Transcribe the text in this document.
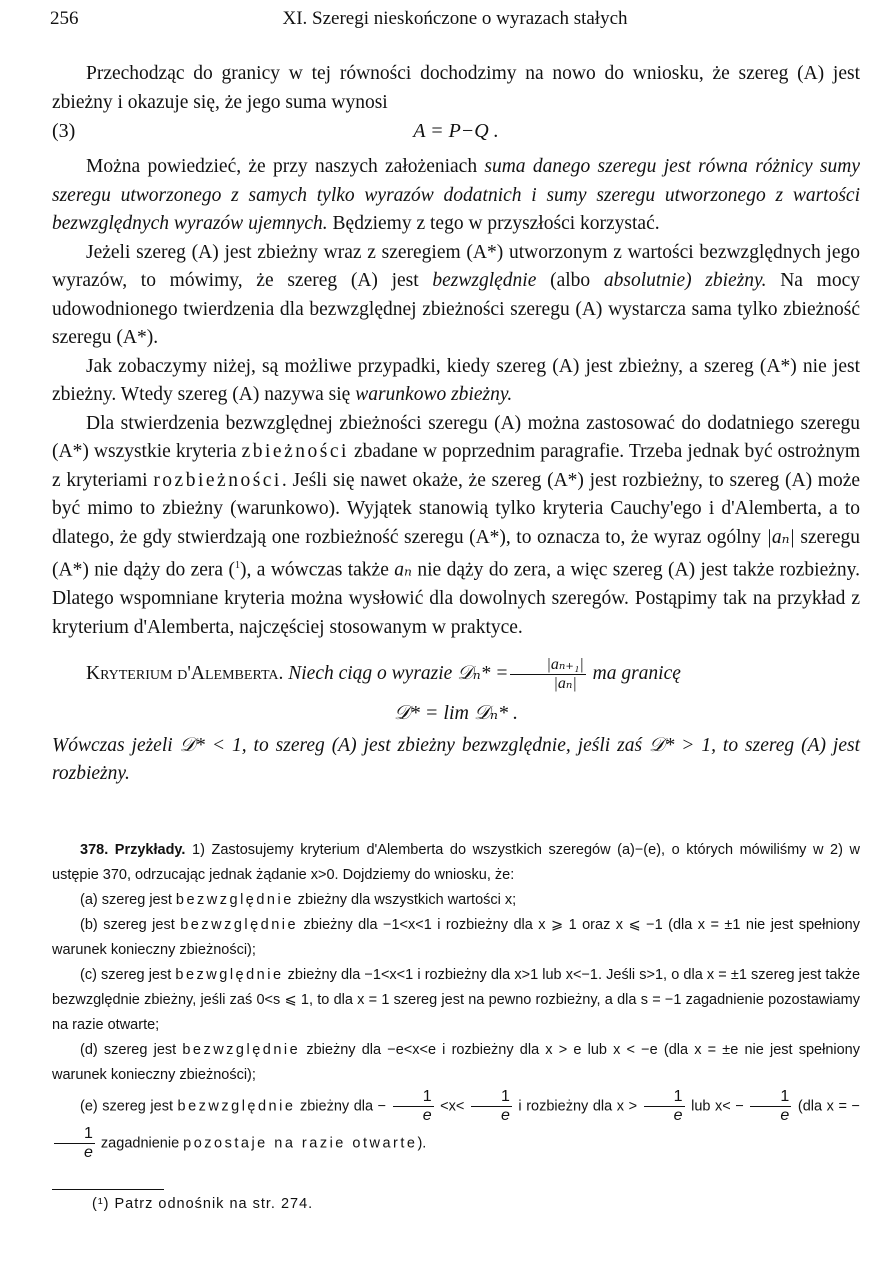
256	XI. Szeregi nieskończone o wyrazach stałych

Przechodząc do granicy w tej równości dochodzimy na nowo do wniosku, że szereg (A) jest zbieżny i okazuje się, że jego suma wynosi

(3)	A = P−Q .

Można powiedzieć, że przy naszych założeniach suma danego szeregu jest równa różnicy sumy szeregu utworzonego z samych tylko wyrazów dodatnich i sumy szeregu utworzonego z wartości bezwzględnych wyrazów ujemnych. Będziemy z tego w przyszłości korzystać.

Jeżeli szereg (A) jest zbieżny wraz z szeregiem (A*) utworzonym z wartości bezwzględnych jego wyrazów, to mówimy, że szereg (A) jest bezwzględnie (albo absolutnie) zbieżny. Na mocy udowodnionego twierdzenia dla bezwzględnej zbieżności szeregu (A) wystarcza sama tylko zbieżność szeregu (A*).

Jak zobaczymy niżej, są możliwe przypadki, kiedy szereg (A) jest zbieżny, a szereg (A*) nie jest zbieżny. Wtedy szereg (A) nazywa się warunkowo zbieżny.

Dla stwierdzenia bezwzględnej zbieżności szeregu (A) można zastosować do dodatniego szeregu (A*) wszystkie kryteria zbieżności zbadane w poprzednim paragrafie. Trzeba jednak być ostrożnym z kryteriami rozbieżności. Jeśli się nawet okaże, że szereg (A*) jest rozbieżny, to szereg (A) może być mimo to zbieżny (warunkowo). Wyjątek stanowią tylko kryteria Cauchy'ego i d'Alemberta, a to dlatego, że gdy stwierdzają one rozbieżność szeregu (A*), to oznacza to, że wyraz ogólny |aₙ| szeregu (A*) nie dąży do zera ($^1$), a wówczas także aₙ nie dąży do zera, a więc szereg (A) jest także rozbieżny. Dlatego wspomniane kryteria można wysłowić dla dowolnych szeregów. Postąpimy tak na przykład z kryterium d'Alemberta, najczęściej stosowanym w praktyce.

Kryterium d'Alemberta. Niech ciąg o wyrazie 𝒟ₙ* = $\frac{\text{|aₙ₊₁|}}{\text{|aₙ|}}$ ma granicę

𝒟* = lim 𝒟ₙ* .

Wówczas jeżeli 𝒟* < 1, to szereg (A) jest zbieżny bezwzględnie, jeśli zaś 𝒟* > 1, to szereg (A) jest rozbieżny.

378. Przykłady. 1) Zastosujemy kryterium d'Alemberta do wszystkich szeregów (a)−(e), o których mówiliśmy w 2) w ustępie 370, odrzucając jednak żądanie x>0. Dojdziemy do wniosku, że:

(a) szereg jest bezwzględnie zbieżny dla wszystkich wartości x;

(b) szereg jest bezwzględnie zbieżny dla −1<x<1 i rozbieżny dla x ⩾ 1 oraz x ⩽ −1 (dla x = ±1 nie jest spełniony warunek konieczny zbieżności);

(c) szereg jest bezwględnie zbieżny dla −1<x<1 i rozbieżny dla x>1 lub x<−1. Jeśli s>1, o dla x = ±1 szereg jest także bezwzględnie zbieżny, jeśli zaś 0<s ⩽ 1, to dla x = 1 szereg jest na pewno rozbieżny, a dla s = −1 zagadnienie pozostawiamy na razie otwarte;

(d) szereg jest bezwzględnie zbieżny dla −e<x<e i rozbieżny dla x > e lub x < −e (dla x = ±e nie jest spełniony warunek konieczny zbieżności);

(e) szereg jest bezwzględnie zbieżny dla − $\frac{1}{e} <x< \frac{1}{e}$ i rozbieżny dla $x > \frac{1}{e}$ lub $x< - \frac{1}{e} (dla$ x = −
$\frac{1}{e}$ zagadnienie pozostaje na razie otwarte).

(¹) Patrz odnośnik na str. 274.
